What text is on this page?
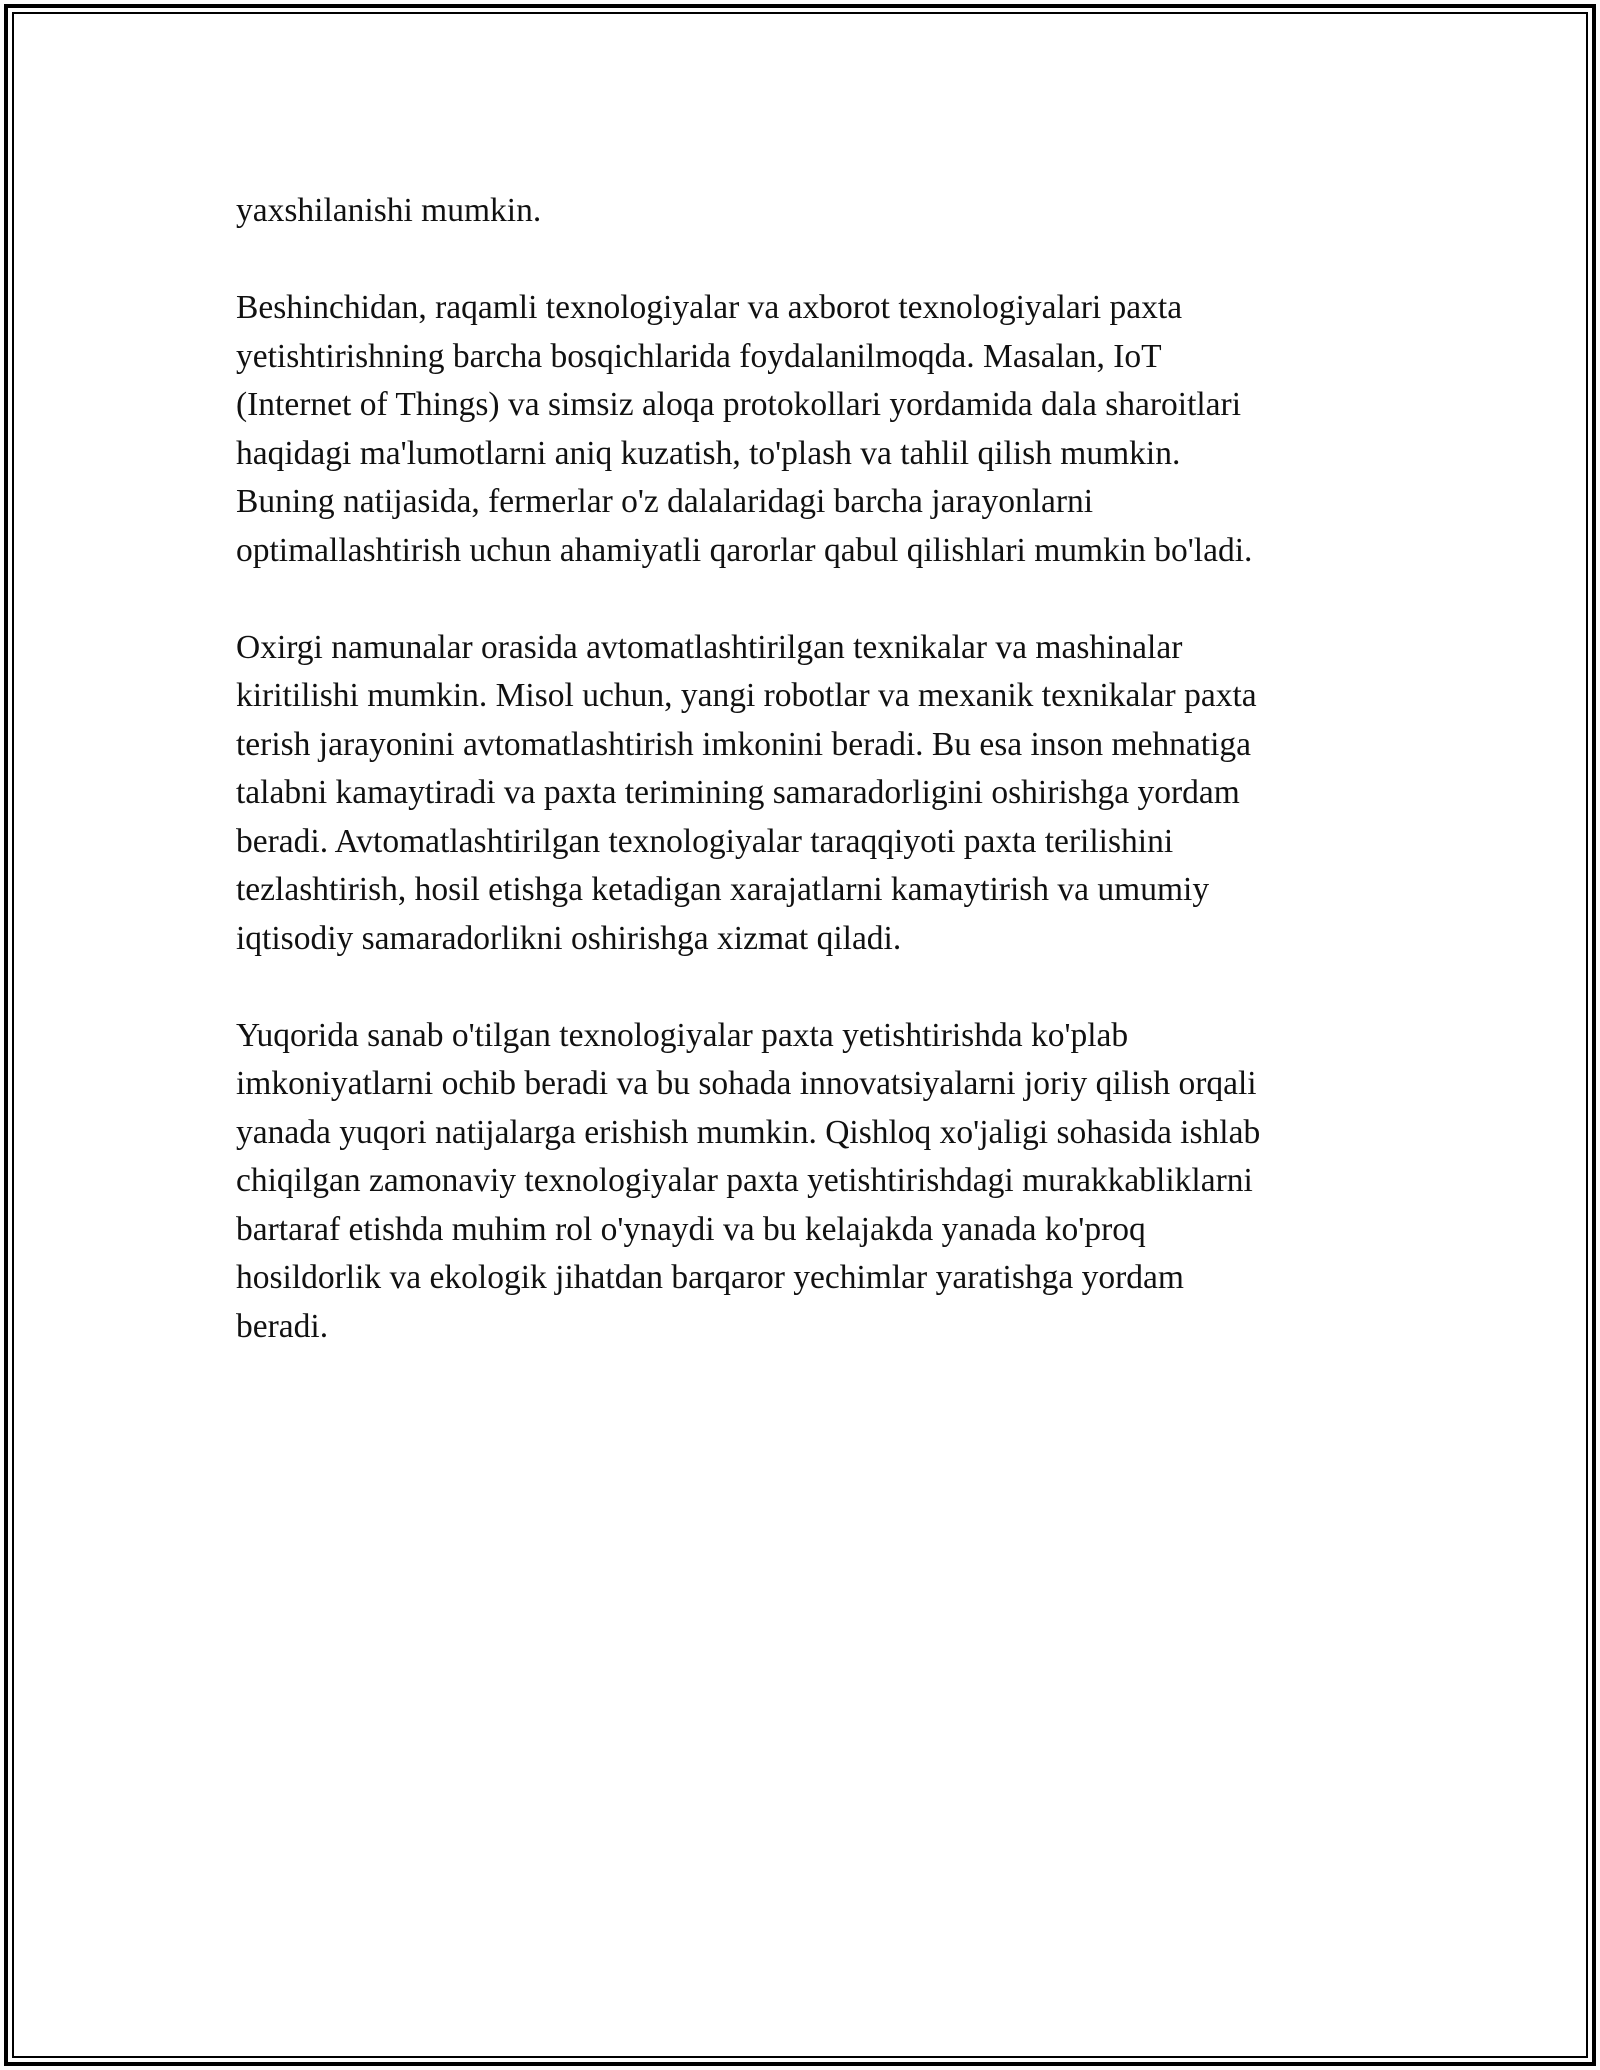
yaxshilanishi mumkin.

Beshinchidan, raqamli texnologiyalar va axborot texnologiyalari paxta
yetishtirishning barcha bosqichlarida foydalanilmoqda. Masalan, IoT
(Internet of Things) va simsiz aloqa protokollari yordamida dala sharoitlari
haqidagi ma'lumotlarni aniq kuzatish, to'plash va tahlil qilish mumkin.
Buning natijasida, fermerlar o'z dalalaridagi barcha jarayonlarni
optimallashtirish uchun ahamiyatli qarorlar qabul qilishlari mumkin bo'ladi.

Oxirgi namunalar orasida avtomatlashtirilgan texnikalar va mashinalar
kiritilishi mumkin. Misol uchun, yangi robotlar va mexanik texnikalar paxta
terish jarayonini avtomatlashtirish imkonini beradi. Bu esa inson mehnatiga
talabni kamaytiradi va paxta terimining samaradorligini oshirishga yordam
beradi. Avtomatlashtirilgan texnologiyalar taraqqiyoti paxta terilishini
tezlashtirish, hosil etishga ketadigan xarajatlarni kamaytirish va umumiy
iqtisodiy samaradorlikni oshirishga xizmat qiladi.

Yuqorida sanab o'tilgan texnologiyalar paxta yetishtirishda ko'plab
imkoniyatlarni ochib beradi va bu sohada innovatsiyalarni joriy qilish orqali
yanada yuqori natijalarga erishish mumkin. Qishloq xo'jaligi sohasida ishlab
chiqilgan zamonaviy texnologiyalar paxta yetishtirishdagi murakkabliklarni
bartaraf etishda muhim rol o'ynaydi va bu kelajakda yanada ko'proq
hosildorlik va ekologik jihatdan barqaror yechimlar yaratishga yordam
beradi.
